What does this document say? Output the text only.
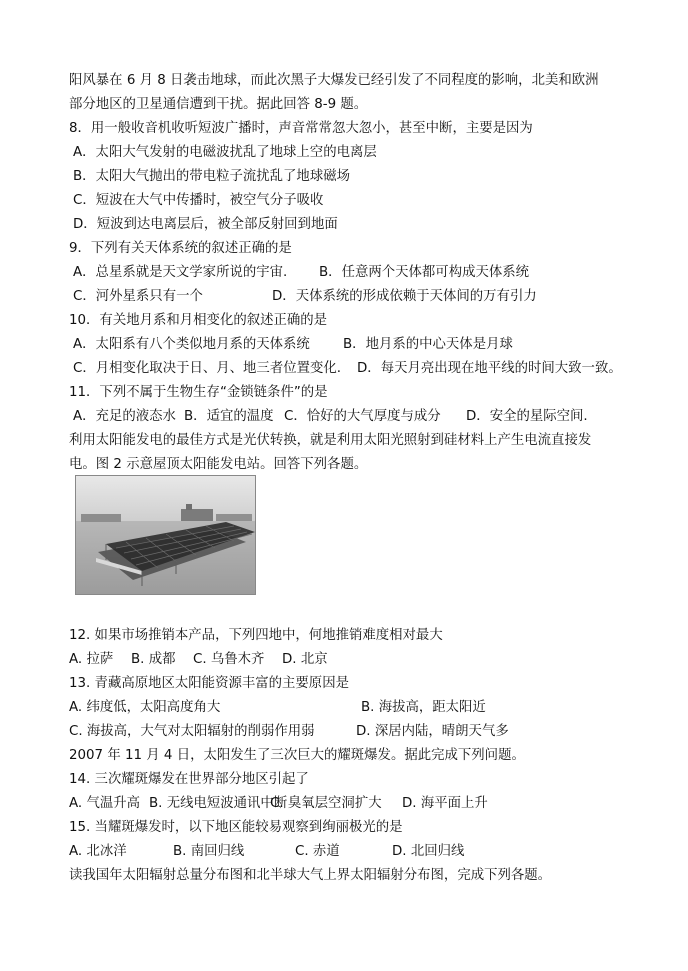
阳风暴在 6 月 8 日袭击地球，而此次黑子大爆发已经引发了不同程度的影响，北美和欧洲
部分地区的卫星通信遭到干扰。据此回答 8-9 题。
8．用一般收音机收听短波广播时，声音常常忽大忽小，甚至中断，主要是因为
A．太阳大气发射的电磁波扰乱了地球上空的电离层
B．太阳大气抛出的带电粒子流扰乱了地球磁场
C．短波在大气中传播时，被空气分子吸收
D．短波到达电离层后，被全部反射回到地面
9．下列有关天体系统的叙述正确的是
A．总星系就是天文学家所说的宇宙. B．任意两个天体都可构成天体系统
C．河外星系只有一个	D．天体系统的形成依赖于天体间的万有引力
10．有关地月系和月相变化的叙述正确的是
A．太阳系有八个类似地月系的天体系统 B．地月系的中心天体是月球
C．月相变化取决于日、月、地三者位置变化. D．每天月亮出现在地平线的时间大致一致。
11．下列不属于生物生存“金锁链条件”的是
A．充足的液态水 B．适宜的温度 C．恰好的大气厚度与成分 D．安全的星际空间.
利用太阳能发电的最佳方式是光伏转换，就是利用太阳光照射到硅材料上产生电流直接发
电。图 2 示意屋顶太阳能发电站。回答下列各题。
12. 如果市场推销本产品，下列四地中，何地推销难度相对最大
A. 拉萨 B. 成都 C. 乌鲁木齐 D. 北京
13. 青藏高原地区太阳能资源丰富的主要原因是
A. 纬度低，太阳高度角大	B. 海拔高，距太阳近
C. 海拔高，大气对太阳辐射的削弱作用弱	D. 深居内陆，晴朗天气多
2007 年 11 月 4 日，太阳发生了三次巨大的耀斑爆发。据此完成下列问题。
14. 三次耀斑爆发在世界部分地区引起了
A. 气温升高 B. 无线电短波通讯中断C. 臭氧层空洞扩大 D. 海平面上升
15. 当耀斑爆发时，以下地区能较易观察到绚丽极光的是
A. 北冰洋	B. 南回归线	C. 赤道	D. 北回归线
读我国年太阳辐射总量分布图和北半球大气上界太阳辐射分布图，完成下列各题。
